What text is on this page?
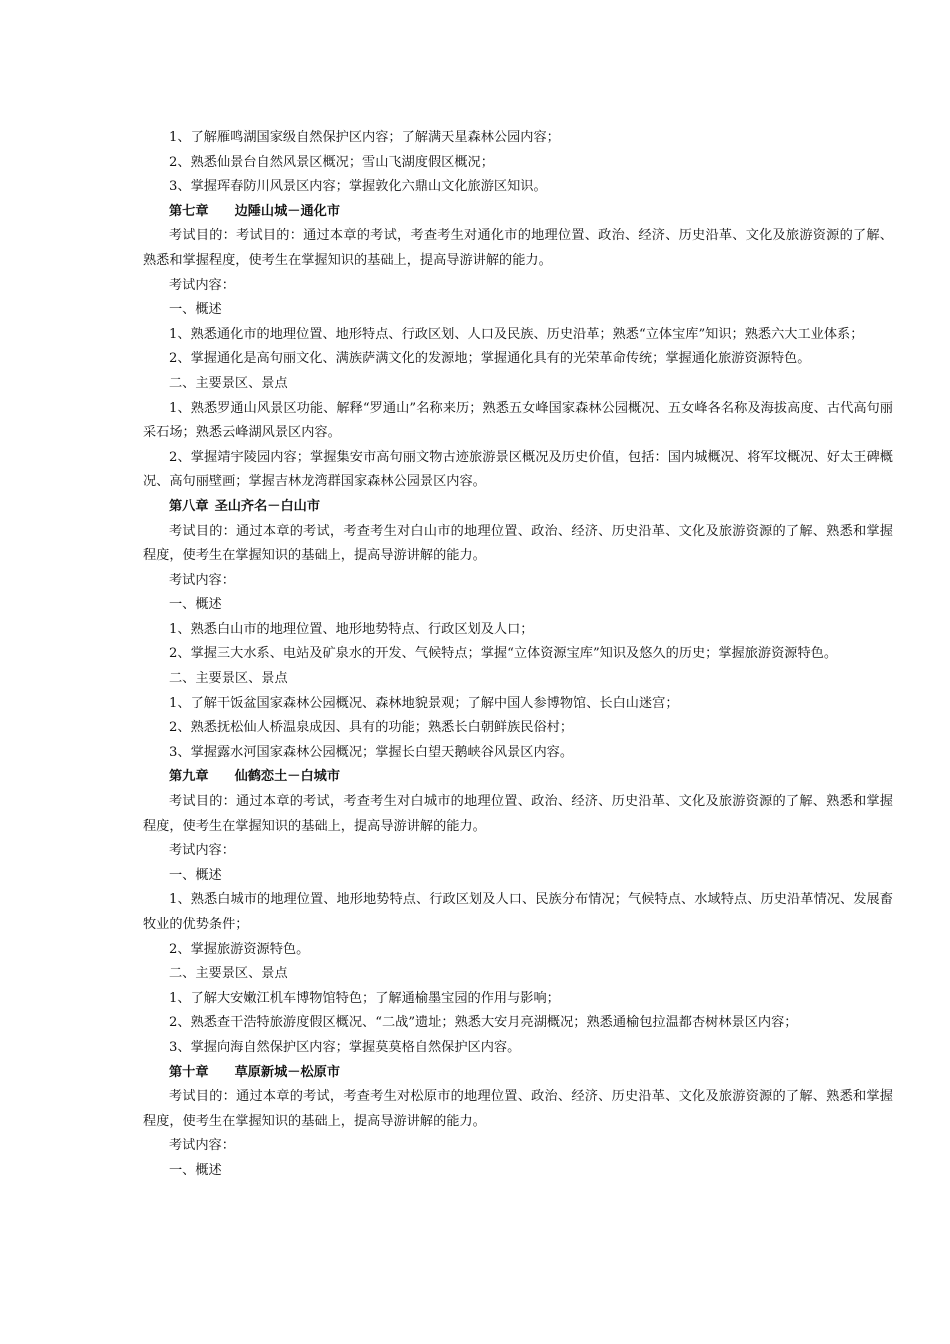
1、了解雁鸣湖国家级自然保护区内容；了解满天星森林公园内容；
2、熟悉仙景台自然风景区概况；雪山飞湖度假区概况；
3、掌握珲春防川风景区内容；掌握敦化六鼎山文化旅游区知识。
第七章 边陲山城－通化市
考试目的：考试目的：通过本章的考试，考查考生对通化市的地理位置、政治、经济、历史沿革、文化及旅游资源的了解、熟悉和掌握程度，使考生在掌握知识的基础上，提高导游讲解的能力。
考试内容：
一、概述
1、熟悉通化市的地理位置、地形特点、行政区划、人口及民族、历史沿革；熟悉“立体宝库”知识；熟悉六大工业体系；
2、掌握通化是高句丽文化、满族萨满文化的发源地；掌握通化具有的光荣革命传统；掌握通化旅游资源特色。
二、主要景区、景点
1、熟悉罗通山风景区功能、解释“罗通山”名称来历；熟悉五女峰国家森林公园概况、五女峰各名称及海拔高度、古代高句丽采石场；熟悉云峰湖风景区内容。
2、掌握靖宇陵园内容；掌握集安市高句丽文物古迹旅游景区概况及历史价值，包括：国内城概况、将军坟概况、好太王碑概况、高句丽壁画；掌握吉林龙湾群国家森林公园景区内容。
第八章 圣山齐名－白山市
考试目的：通过本章的考试，考查考生对白山市的地理位置、政治、经济、历史沿革、文化及旅游资源的了解、熟悉和掌握程度，使考生在掌握知识的基础上，提高导游讲解的能力。
考试内容：
一、概述
1、熟悉白山市的地理位置、地形地势特点、行政区划及人口；
2、掌握三大水系、电站及矿泉水的开发、气候特点；掌握“立体资源宝库”知识及悠久的历史；掌握旅游资源特色。
二、主要景区、景点
1、了解干饭盆国家森林公园概况、森林地貌景观；了解中国人参博物馆、长白山迷宫；
2、熟悉抚松仙人桥温泉成因、具有的功能；熟悉长白朝鲜族民俗村；
3、掌握露水河国家森林公园概况；掌握长白望天鹅峡谷风景区内容。
第九章 仙鹤恋土－白城市
考试目的：通过本章的考试，考查考生对白城市的地理位置、政治、经济、历史沿革、文化及旅游资源的了解、熟悉和掌握程度，使考生在掌握知识的基础上，提高导游讲解的能力。
考试内容：
一、概述
1、熟悉白城市的地理位置、地形地势特点、行政区划及人口、民族分布情况；气候特点、水域特点、历史沿革情况、发展畜牧业的优势条件；
2、掌握旅游资源特色。
二、主要景区、景点
1、了解大安嫩江机车博物馆特色；了解通榆墨宝园的作用与影响；
2、熟悉查干浩特旅游度假区概况、“二战”遗址；熟悉大安月亮湖概况；熟悉通榆包拉温都杏树林景区内容；
3、掌握向海自然保护区内容；掌握莫莫格自然保护区内容。
第十章 草原新城－松原市
考试目的：通过本章的考试，考查考生对松原市的地理位置、政治、经济、历史沿革、文化及旅游资源的了解、熟悉和掌握程度，使考生在掌握知识的基础上，提高导游讲解的能力。
考试内容：
一、概述
